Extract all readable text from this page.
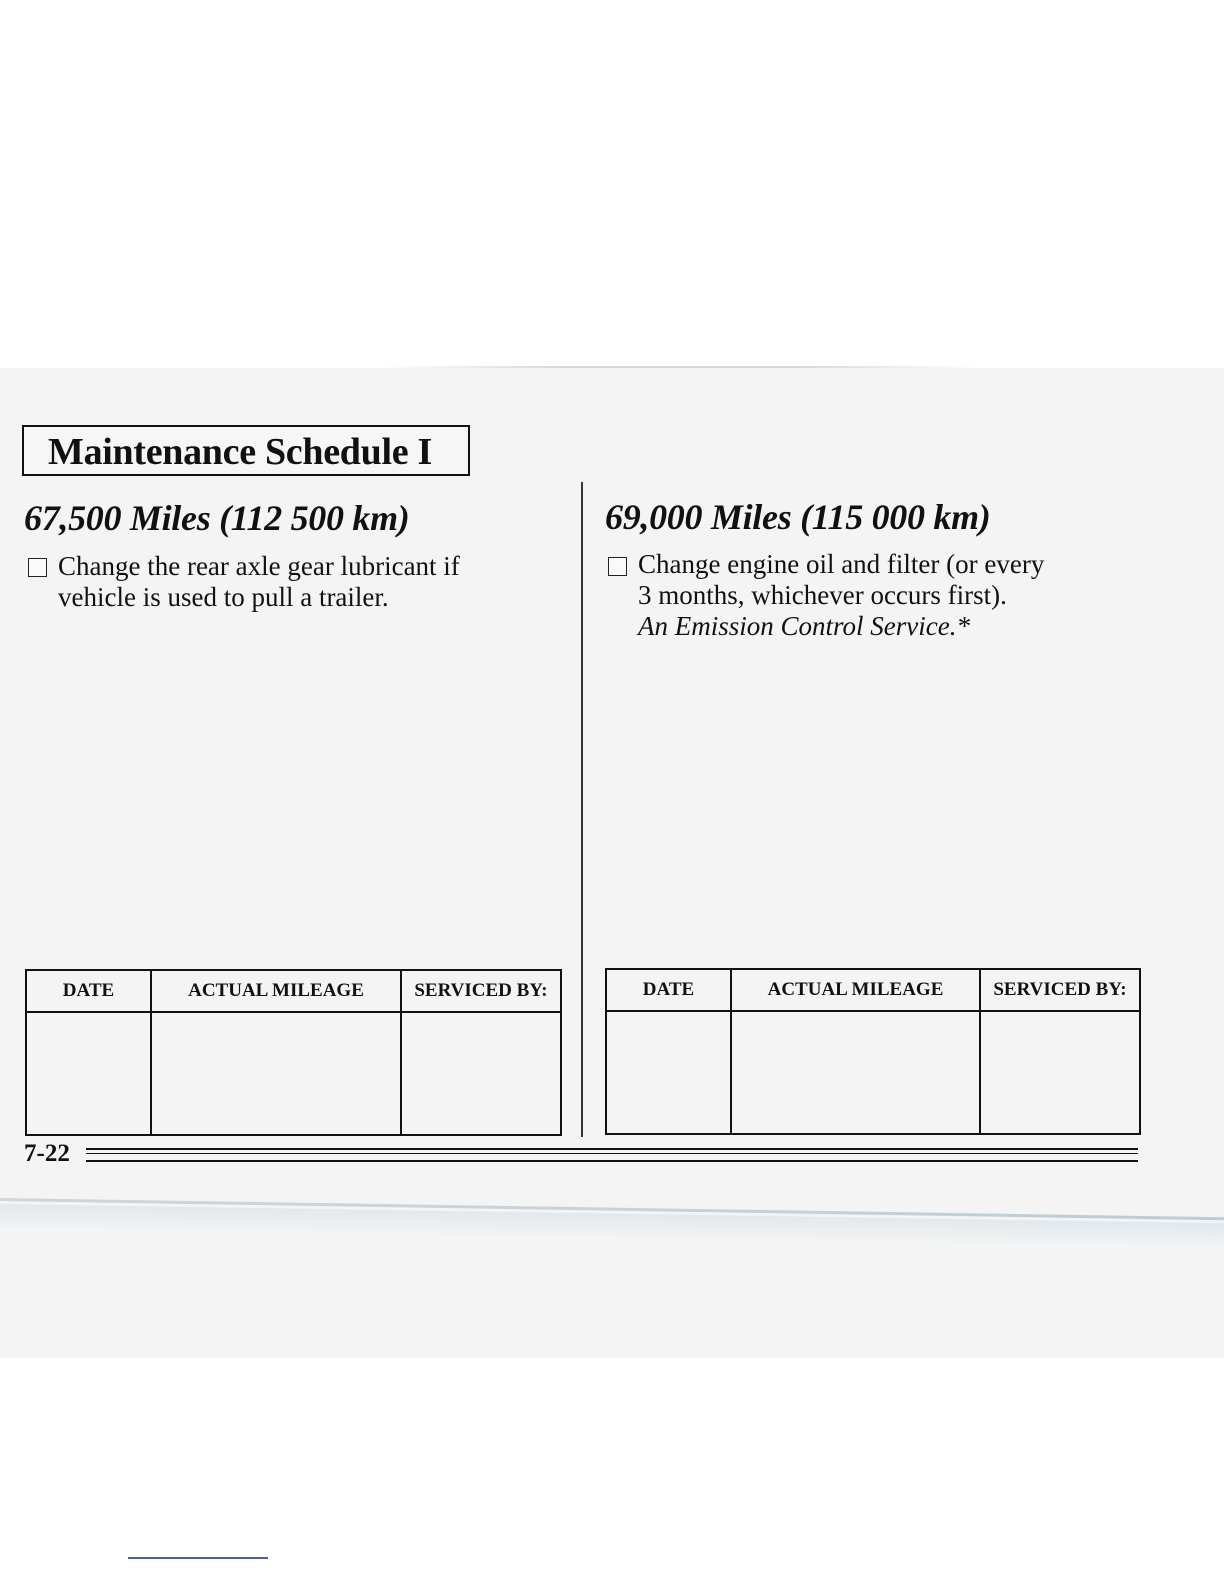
Maintenance Schedule I
67,500 Miles (112 500 km)
Change the rear axle gear lubricant if
vehicle is used to pull a trailer.
69,000 Miles (115 000 km)
Change engine oil and filter (or every
3 months, whichever occurs first).
An Emission Control Service.*
DATE	ACTUAL MILEAGE	SERVICED BY:
			DATE	ACTUAL MILEAGE	SERVICED BY:

7-22
